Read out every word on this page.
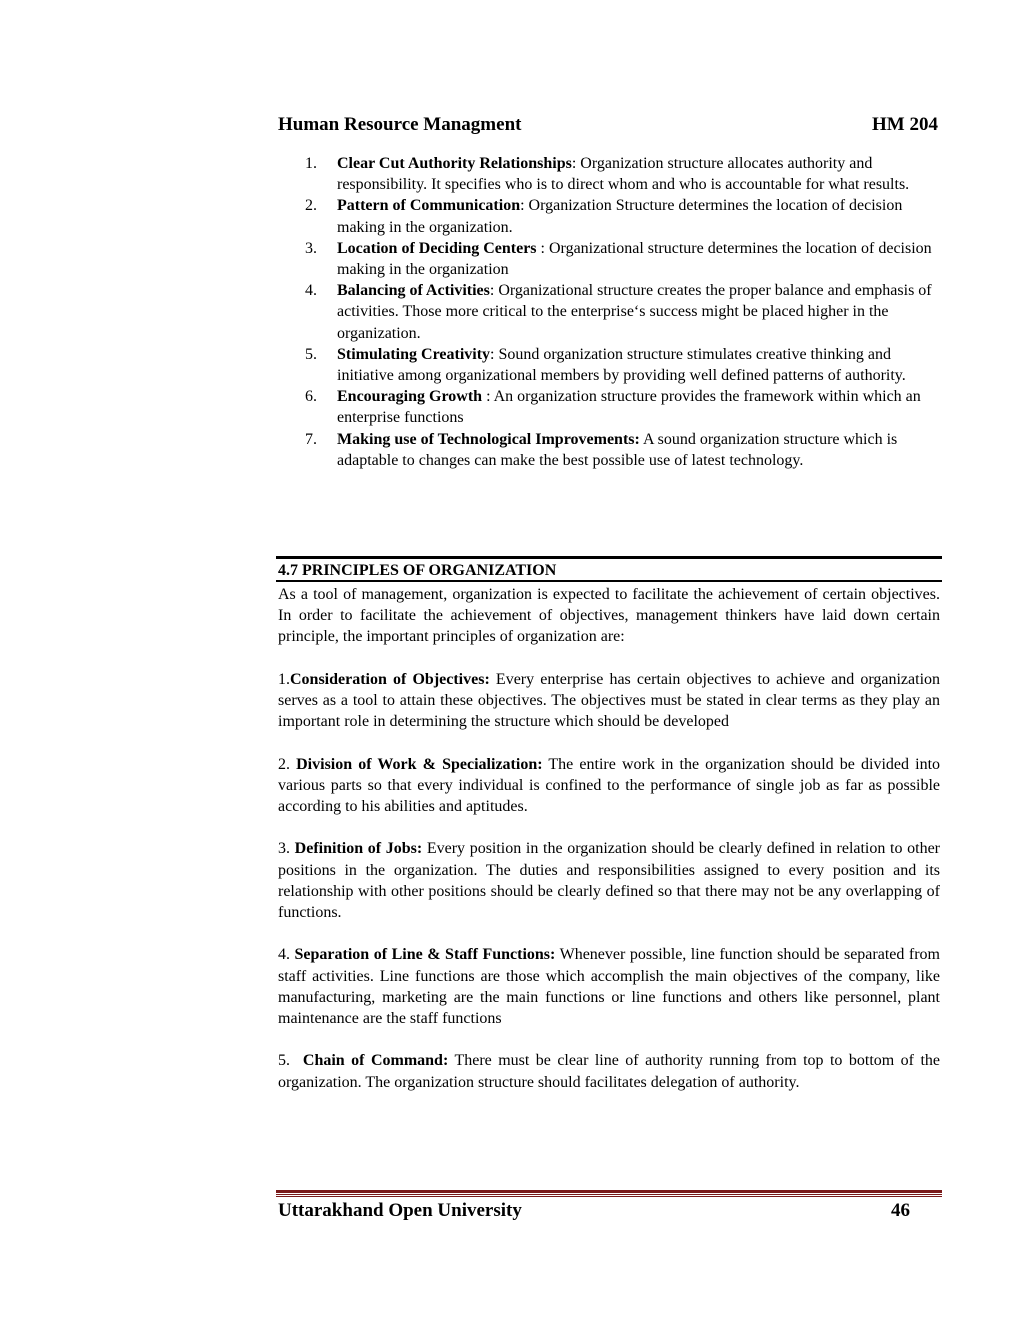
Human Resource Managment	HM 204
1. Clear Cut Authority Relationships: Organization structure allocates authority and responsibility. It specifies who is to direct whom and who is accountable for what results.
2. Pattern of Communication: Organization Structure determines the location of decision making in the organization.
3. Location of Deciding Centers : Organizational structure determines the location of decision making in the organization
4. Balancing of Activities: Organizational structure creates the proper balance and emphasis of activities. Those more critical to the enterprise‘s success might be placed higher in the organization.
5. Stimulating Creativity: Sound organization structure stimulates creative thinking and initiative among organizational members by providing well defined patterns of authority.
6. Encouraging Growth : An organization structure provides the framework within which an enterprise functions
7. Making use of Technological Improvements: A sound organization structure which is adaptable to changes can make the best possible use of latest technology.
4.7 PRINCIPLES OF ORGANIZATION

As a tool of management, organization is expected to facilitate the achievement of certain objectives. In order to facilitate the achievement of objectives, management thinkers have laid down certain principle, the important principles of organization are:

1.Consideration of Objectives: Every enterprise has certain objectives to achieve and organization serves as a tool to attain these objectives. The objectives must be stated in clear terms as they play an important role in determining the structure which should be developed

2. Division of Work & Specialization: The entire work in the organization should be divided into various parts so that every individual is confined to the performance of single job as far as possible according to his abilities and aptitudes.

3. Definition of Jobs: Every position in the organization should be clearly defined in relation to other positions in the organization. The duties and responsibilities assigned to every position and its relationship with other positions should be clearly defined so that there may not be any overlapping of functions.

4. Separation of Line & Staff Functions: Whenever possible, line function should be separated from staff activities. Line functions are those which accomplish the main objectives of the company, like manufacturing, marketing are the main functions or line functions and others like personnel, plant maintenance are the staff functions

5.  Chain of Command: There must be clear line of authority running from top to bottom of the organization. The organization structure should facilitates delegation of authority.

Uttarakhand Open University	46
